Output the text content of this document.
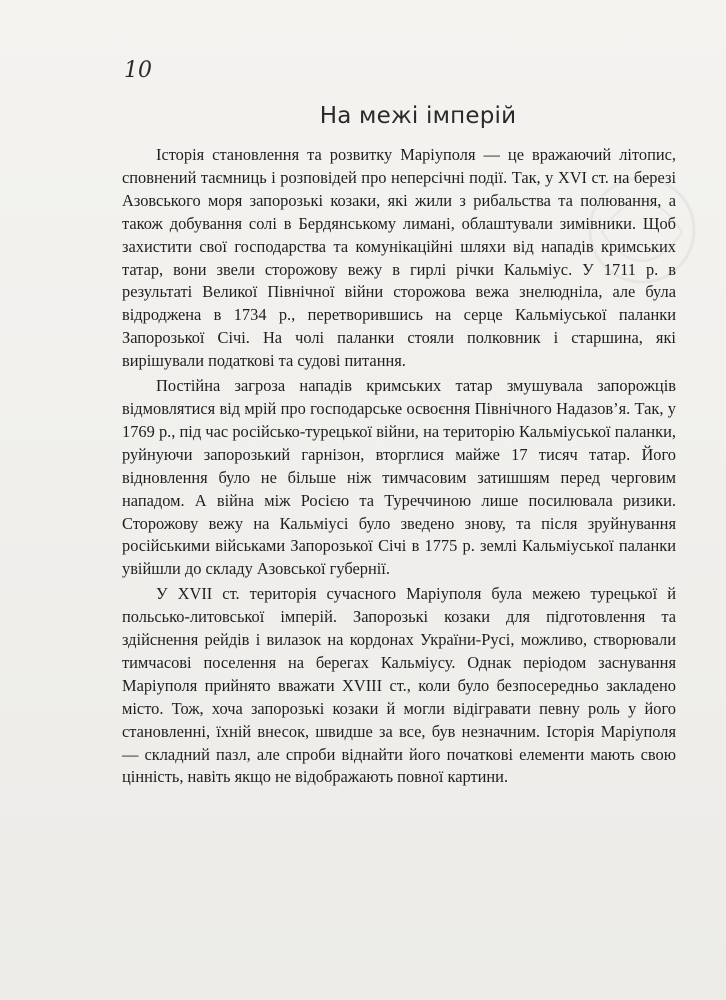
10
На межі імперій

Історія становлення та розвитку Маріуполя — це вражаючий літопис, сповнений таємниць і розповідей про неперсічні події. Так, у XVI ст. на березі Азовського моря запорозькі козаки, які жили з рибальства та полювання, а також добування солі в Бердянському лимані, облаштували зимівники. Щоб захистити свої господарства та комунікаційні шляхи від нападів кримських татар, вони звели сторожову вежу в гирлі річки Кальміус. У 1711 р. в результаті Великої Північної війни сторожова вежа знелюдніла, але була відроджена в 1734 р., перетворившись на серце Кальміуської паланки Запорозької Січі. На чолі паланки стояли полковник і старшина, які вирішували податкові та судові питання.

Постійна загроза нападів кримських татар змушувала запорожців відмовлятися від мрій про господарське освоєння Північного Надазов’я. Так, у 1769 р., під час російсько-турецької війни, на територію Кальміуської паланки, руйнуючи запорозький гарнізон, вторглися майже 17 тисяч татар. Його відновлення було не більше ніж тимчасовим затишшям перед черговим нападом. А війна між Росією та Туреччиною лише посилювала ризики. Сторожову вежу на Кальміусі було зведено знову, та після зруйнування російськими військами Запорозької Січі в 1775 р. землі Кальміуської паланки увійшли до складу Азовської губернії.

У XVII ст. територія сучасного Маріуполя була межею турецької й польсько-литовської імперій. Запорозькі козаки для підготовлення та здійснення рейдів і вилазок на кордонах України-Русі, можливо, створювали тимчасові поселення на берегах Кальміусу. Однак періодом заснування Маріуполя прийнято вважати XVIII ст., коли було безпосередньо закладено місто. Тож, хоча запорозькі козаки й могли відігравати певну роль у його становленні, їхній внесок, швидше за все, був незначним. Історія Маріуполя — складний пазл, але спроби віднайти його початкові елементи мають свою цінність, навіть якщо не відображають повної картини.
